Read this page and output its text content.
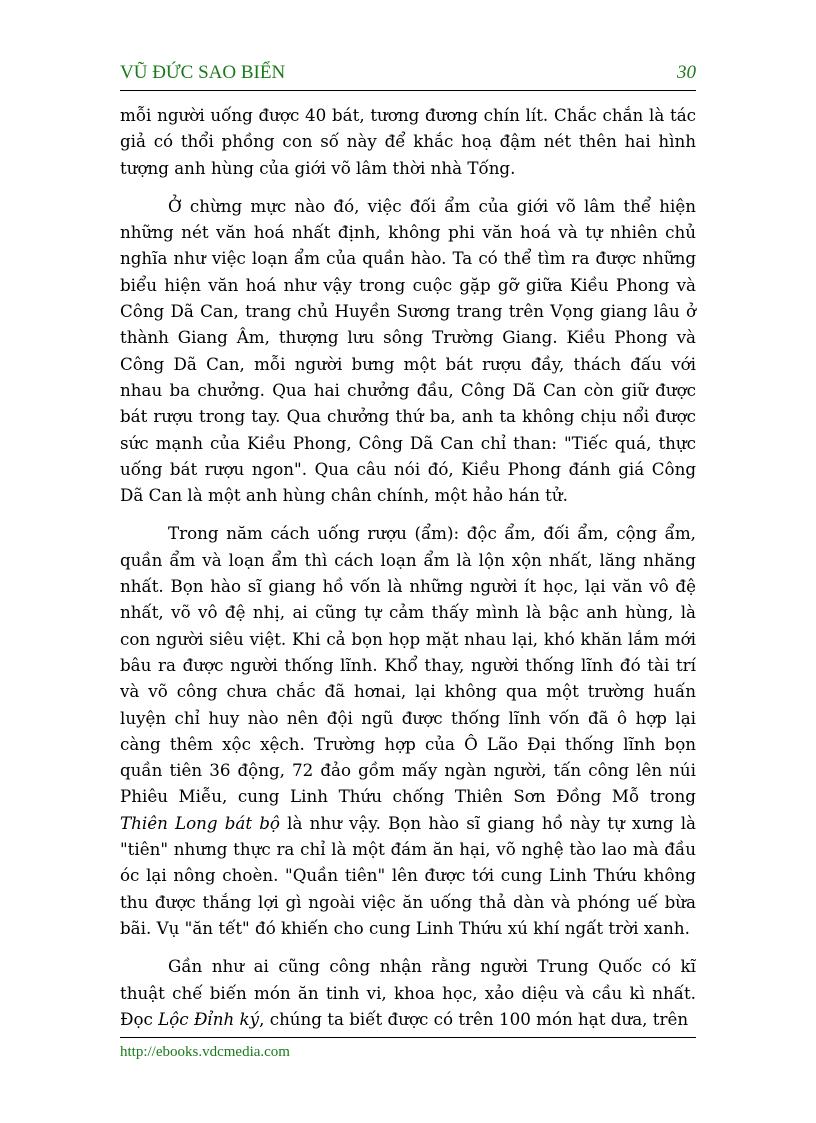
VŨ ĐỨC SAO BIỂN	30

mỗi người uống được 40 bát, tương đương chín lít. Chắc chắn là tác giả có thổi phồng con số này để khắc hoạ đậm nét thên hai hình tượng anh hùng của giới võ lâm thời nhà Tống.

Ở chừng mực nào đó, việc đối ẩm của giới võ lâm thể hiện những nét văn hoá nhất định, không phi văn hoá và tự nhiên chủ nghĩa như việc loạn ẩm của quần hào. Ta có thể tìm ra được những biểu hiện văn hoá như vậy trong cuộc gặp gỡ giữa Kiều Phong và Công Dã Can, trang chủ Huyền Sương trang trên Vọng giang lâu ở thành Giang Âm, thượng lưu sông Trường Giang. Kiều Phong và Công Dã Can, mỗi người bưng một bát rượu đầy, thách đấu với nhau ba chưởng. Qua hai chưởng đầu, Công Dã Can còn giữ được bát rượu trong tay. Qua chưởng thứ ba, anh ta không chịu nổi được sức mạnh của Kiều Phong, Công Dã Can chỉ than: "Tiếc quá, thực uống bát rượu ngon". Qua câu nói đó, Kiều Phong đánh giá Công Dã Can là một anh hùng chân chính, một hảo hán tử.

Trong năm cách uống rượu (ẩm): độc ẩm, đối ẩm, cộng ẩm, quần ẩm và loạn ẩm thì cách loạn ẩm là lộn xộn nhất, lăng nhăng nhất. Bọn hào sĩ giang hồ vốn là những người ít học, lại văn vô đệ nhất, võ vô đệ nhị, ai cũng tự cảm thấy mình là bậc anh hùng, là con người siêu việt. Khi cả bọn họp mặt nhau lại, khó khăn lắm mới bâu ra được người thống lĩnh. Khổ thay, người thống lĩnh đó tài trí và võ công chưa chắc đã hơnai, lại không qua một trường huấn luyện chỉ huy nào nên đội ngũ được thống lĩnh vốn đã ô hợp lại càng thêm xộc xệch. Trường hợp của Ô Lão Đại thống lĩnh bọn quần tiên 36 động, 72 đảo gồm mấy ngàn người, tấn công lên núi Phiêu Miễu, cung Linh Thứu chống Thiên Sơn Đồng Mỗ trong Thiên Long bát bộ là như vậy. Bọn hào sĩ giang hồ này tự xưng là "tiên" nhưng thực ra chỉ là một đám ăn hại, võ nghệ tào lao mà đầu óc lại nông choèn. "Quần tiên" lên được tới cung Linh Thứu không thu được thắng lợi gì ngoài việc ăn uống thả dàn và phóng uế bừa bãi. Vụ "ăn tết" đó khiến cho cung Linh Thứu xú khí ngất trời xanh.

Gần như ai cũng công nhận rằng người Trung Quốc có kĩ thuật chế biến món ăn tinh vi, khoa học, xảo diệu và cầu kì nhất. Đọc Lộc Đỉnh ký, chúng ta biết được có trên 100 món hạt dưa, trên

http://ebooks.vdcmedia.com
